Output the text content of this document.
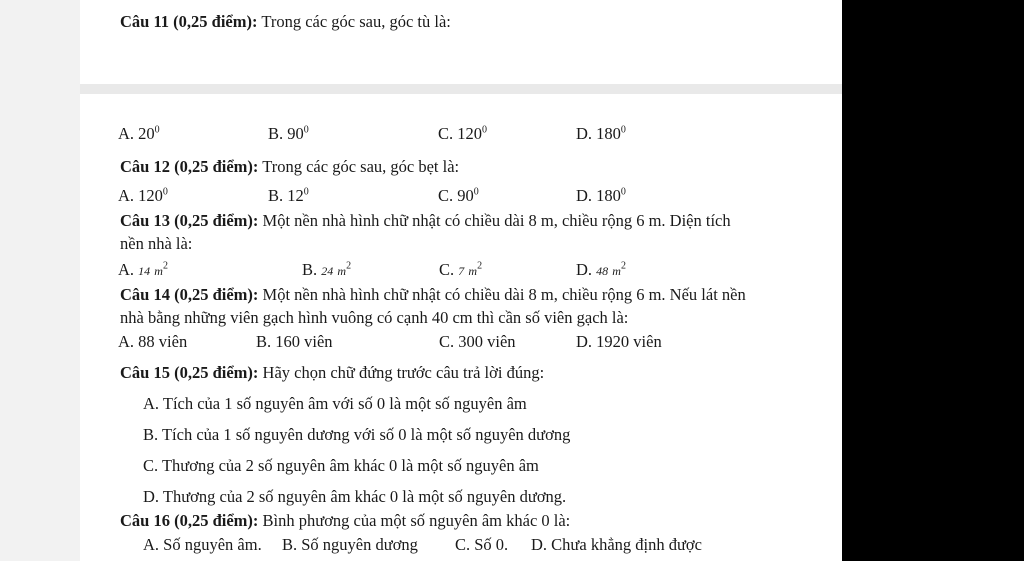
Câu 11 (0,25 điểm): Trong các góc sau, góc tù là:
A. $20^0$	B. $90^0$	C. $120^0$	D. $180^0$
Câu 12 (0,25 điểm): Trong các góc sau, góc bẹt là:
A. $120^0$	B. $12^0$	C. $90^0$	D. $180^0$
Câu 13 (0,25 điểm): Một nền nhà hình chữ nhật có chiều dài 8 m, chiều rộng 6 m. Diện tích
nền nhà là:
A. 14 $m^2$	B. 24 $m^2$	C. 7 $m^2$	D. 48 $m^2$
Câu 14 (0,25 điểm): Một nền nhà hình chữ nhật có chiều dài 8 m, chiều rộng 6 m. Nếu lát nền
nhà bằng những viên gạch hình vuông có cạnh 40 cm thì cần số viên gạch là:
A. 88 viên	B. 160 viên	C. 300 viên	D. 1920 viên
Câu 15 (0,25 điểm): Hãy chọn chữ đứng trước câu trả lời đúng:
A. Tích của 1 số nguyên âm với số 0 là một số nguyên âm
B. Tích của 1 số nguyên dương với số 0 là một số nguyên dương
C. Thương của 2 số nguyên âm khác 0 là một số nguyên âm
D. Thương của 2 số nguyên âm khác 0 là một số nguyên dương.
Câu 16 (0,25 điểm): Bình phương của một số nguyên âm khác 0 là:
A. Số nguyên âm. B. Số nguyên dương C. Số 0. D. Chưa khẳng định được
